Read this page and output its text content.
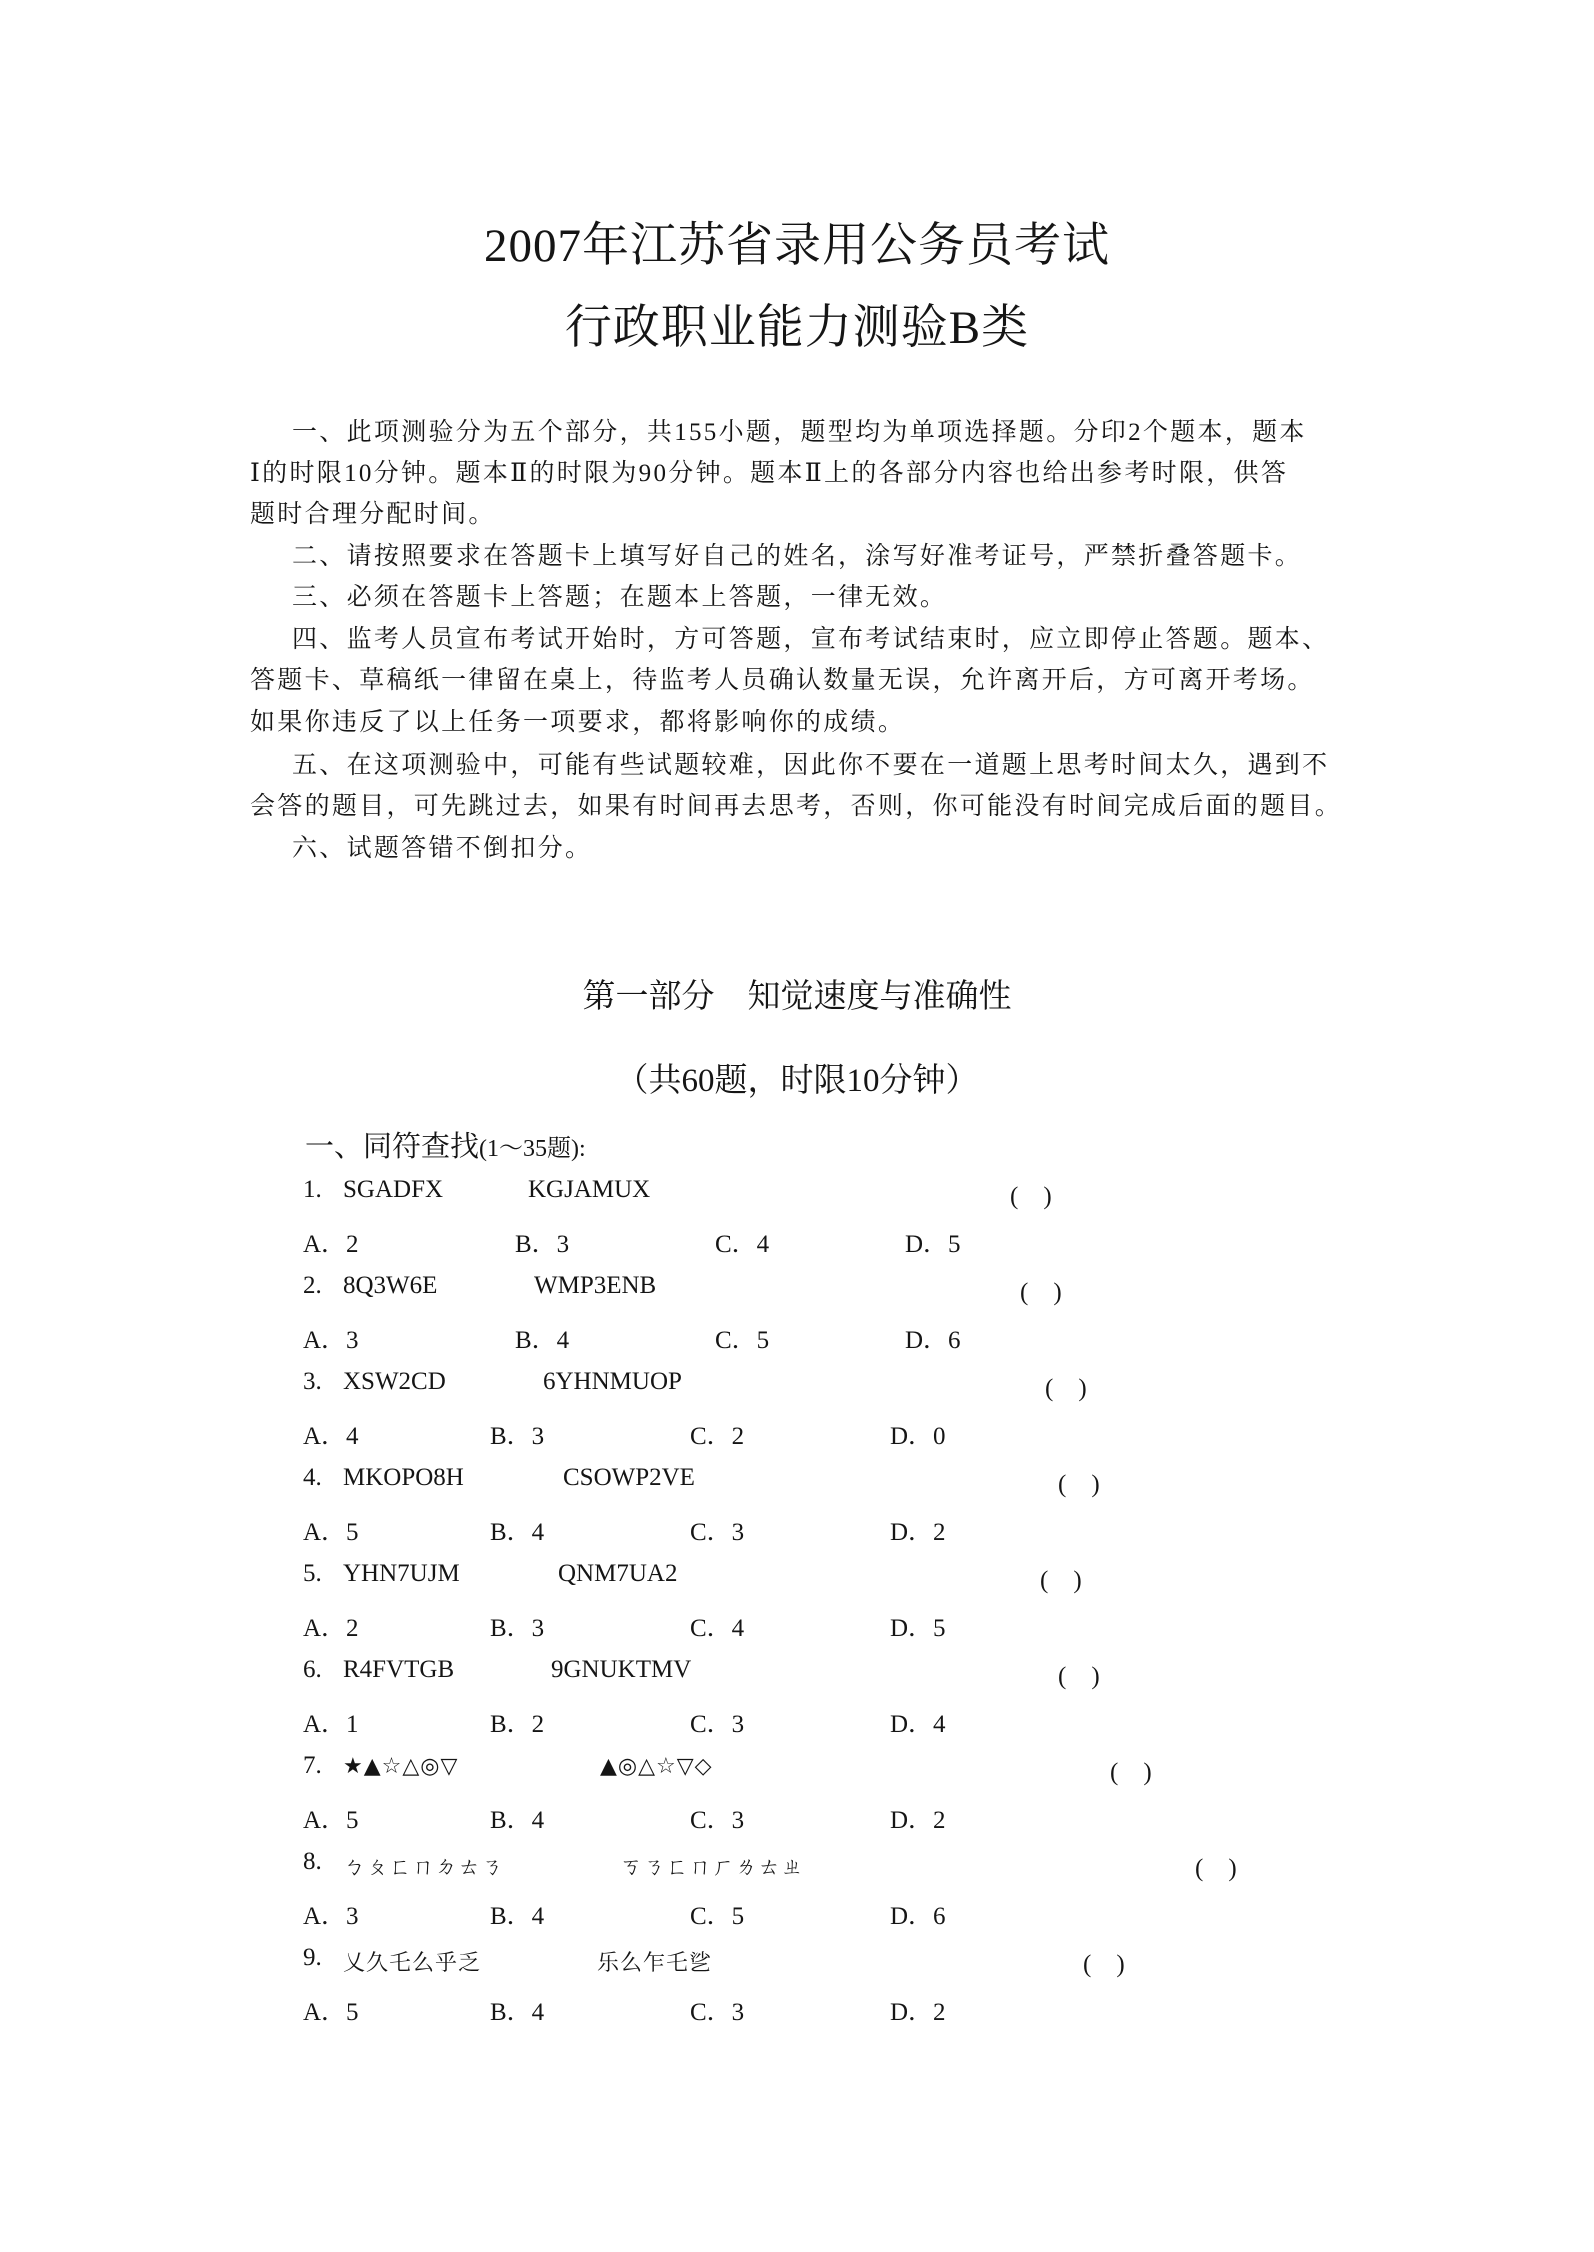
2007年江苏省录用公务员考试
行政职业能力测验B类
一、此项测验分为五个部分，共155小题，题型均为单项选择题。分印2个题本，题本
Ⅰ的时限10分钟。题本Ⅱ的时限为90分钟。题本Ⅱ上的各部分内容也给出参考时限，供答
题时合理分配时间。
二、请按照要求在答题卡上填写好自己的姓名，涂写好准考证号，严禁折叠答题卡。
三、必须在答题卡上答题；在题本上答题，一律无效。
四、监考人员宣布考试开始时，方可答题，宣布考试结束时，应立即停止答题。题本、
答题卡、草稿纸一律留在桌上，待监考人员确认数量无误，允许离开后，方可离开考场。
如果你违反了以上任务一项要求，都将影响你的成绩。
五、在这项测验中，可能有些试题较难，因此你不要在一道题上思考时间太久，遇到不
会答的题目，可先跳过去，如果有时间再去思考，否则，你可能没有时间完成后面的题目。
六、试题答错不倒扣分。
第一部分　知觉速度与准确性
（共60题，时限10分钟）
一、同符查找(1～35题):
1. SGADFX	KGJAMUX	(　)
A．2	B．3	C．4	D．5
2. 8Q3W6E	WMP3ENB	(　)
A．3	B．4	C．5	D．6
3. XSW2CD	6YHNMUOP	(　)
A．4	B．3	C．2	D．0
4. MKOPO8H	CSOWP2VE	(　)
A．5	B．4	C．3	D．2
5. YHN7UJM	QNM7UA2	(　)
A．2	B．3	C．4	D．5
6. R4FVTGB	9GNUKTMV	(　)
A．1	B．2	C．3	D．4
7. ★▲☆△◎▽	▲◎△☆▽◇	(　)
A．5	B．4	C．3	D．2
8. ㄅㄆㄈㄇㄉㄊㄋ	ㄎㄋㄈㄇㄏㄌㄊㄓ	(　)
A．3	B．4	C．5	D．6
9. 乂久乇么乎乏	乐么乍乇乷	(　)
A．5	B．4	C．3	D．2
